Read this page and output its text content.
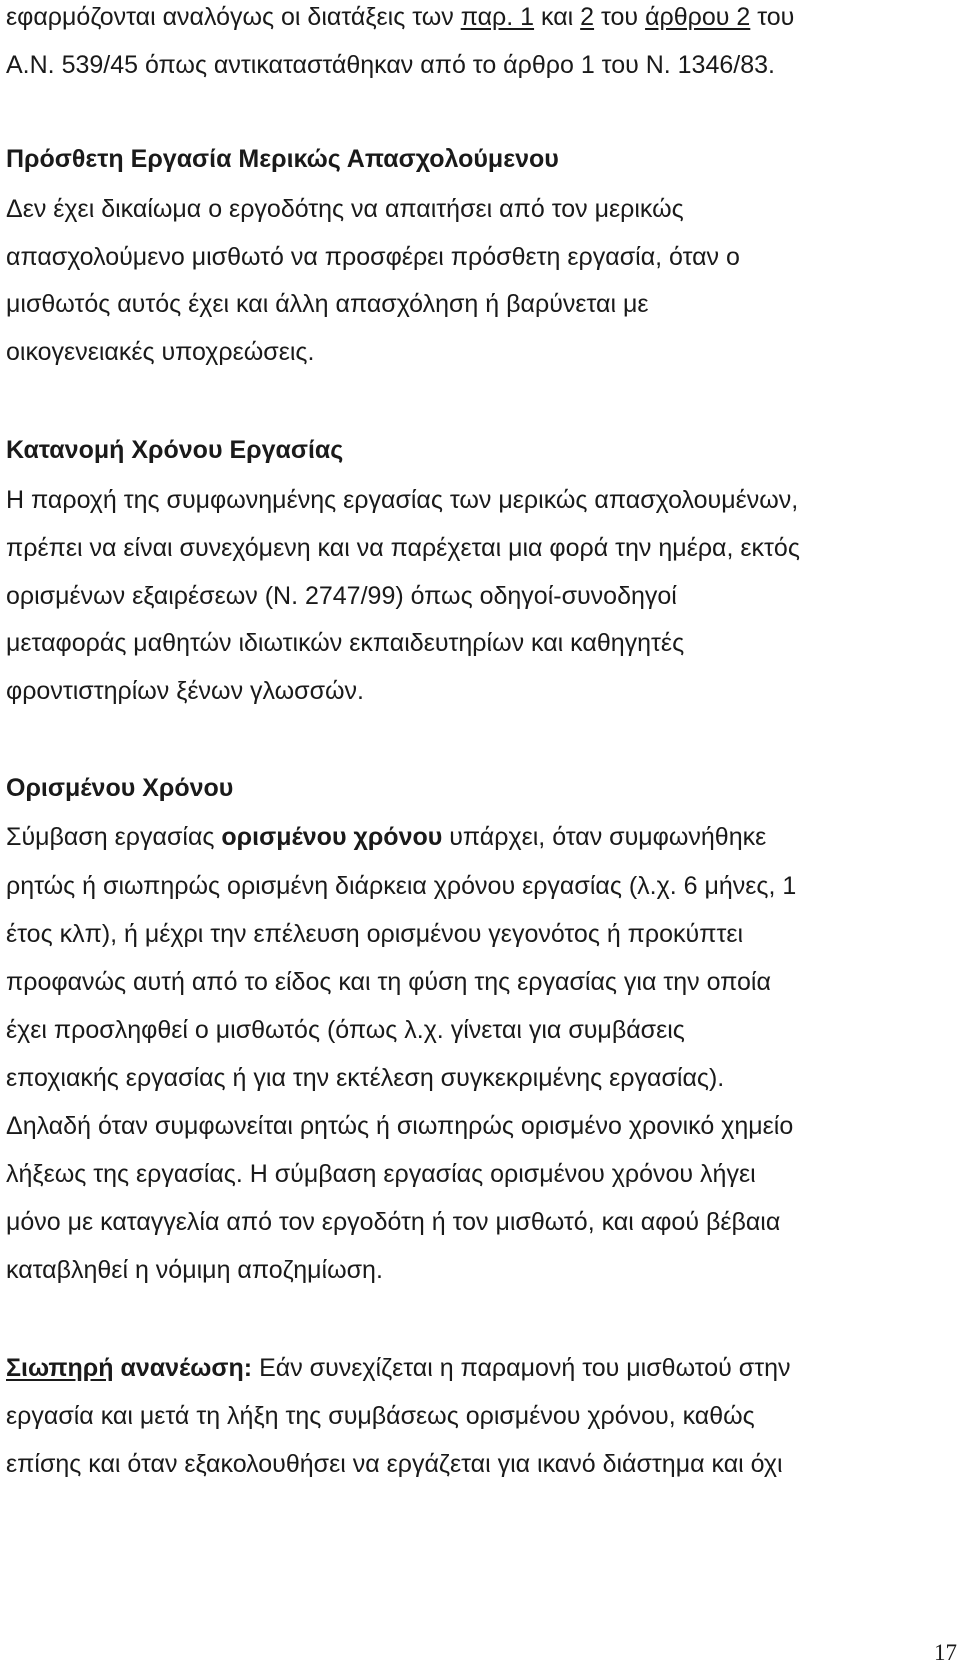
εφαρμόζονται αναλόγως οι διατάξεις των παρ. 1 και 2 του άρθρου 2 του

Α.Ν. 539/45 όπως αντικαταστάθηκαν από το άρθρο 1 του Ν. 1346/83.

Πρόσθετη Εργασία Μερικώς Απασχολούμενου

Δεν έχει δικαίωμα ο εργοδότης να απαιτήσει από τον μερικώς

απασχολούμενο μισθωτό να προσφέρει πρόσθετη εργασία, όταν ο

μισθωτός αυτός έχει και άλλη απασχόληση ή βαρύνεται με

οικογενειακές υποχρεώσεις.

Κατανομή Χρόνου Εργασίας

Η παροχή της συμφωνημένης εργασίας των μερικώς απασχολουμένων,

πρέπει να είναι συνεχόμενη και να παρέχεται μια φορά την ημέρα, εκτός

ορισμένων εξαιρέσεων (Ν. 2747/99) όπως οδηγοί-συνοδηγοί

μεταφοράς μαθητών ιδιωτικών εκπαιδευτηρίων και καθηγητές

φροντιστηρίων ξένων γλωσσών.

Ορισμένου Χρόνου

Σύμβαση εργασίας ορισμένου χρόνου υπάρχει, όταν συμφωνήθηκε

ρητώς ή σιωπηρώς ορισμένη διάρκεια χρόνου εργασίας (λ.χ. 6 μήνες, 1

έτος κλπ), ή μέχρι την επέλευση ορισμένου γεγονότος ή προκύπτει

προφανώς αυτή από το είδος και τη φύση της εργασίας για την οποία

έχει προσληφθεί ο μισθωτός (όπως λ.χ. γίνεται για συμβάσεις

εποχιακής εργασίας ή για την εκτέλεση συγκεκριμένης εργασίας).

Δηλαδή όταν συμφωνείται ρητώς ή σιωπηρώς ορισμένο χρονικό χημείο

λήξεως της εργασίας. Η σύμβαση εργασίας ορισμένου χρόνου λήγει

μόνο με καταγγελία από τον εργοδότη ή τον μισθωτό, και αφού βέβαια

καταβληθεί η νόμιμη αποζημίωση.

Σιωπηρή ανανέωση: Εάν συνεχίζεται η παραμονή του μισθωτού στην

εργασία και μετά τη λήξη της συμβάσεως ορισμένου χρόνου, καθώς

επίσης και όταν εξακολουθήσει να εργάζεται για ικανό διάστημα και όχι

17
